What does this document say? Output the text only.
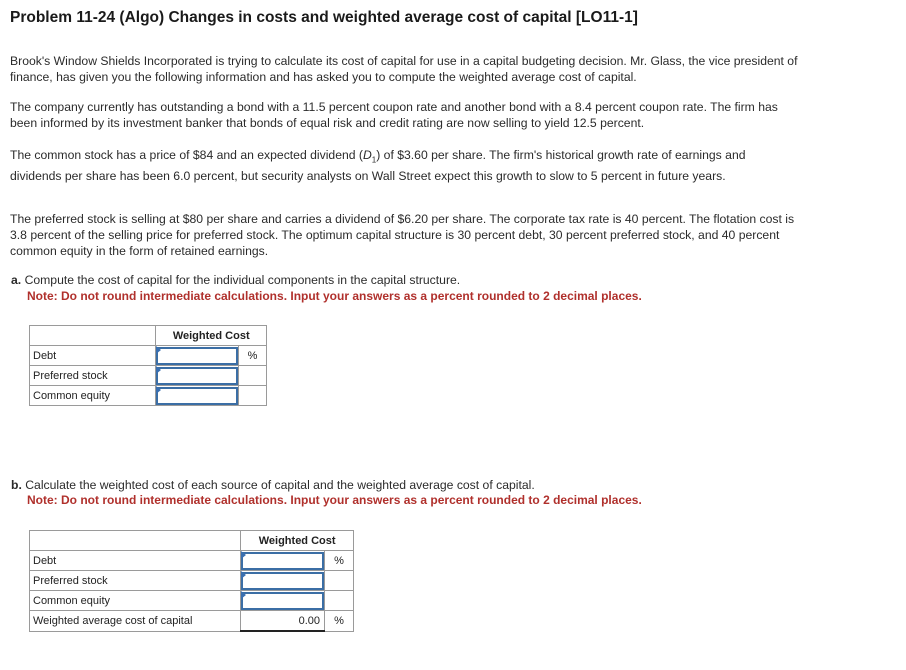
Problem 11-24 (Algo) Changes in costs and weighted average cost of capital [LO11-1]
Brook's Window Shields Incorporated is trying to calculate its cost of capital for use in a capital budgeting decision. Mr. Glass, the vice president of finance, has given you the following information and has asked you to compute the weighted average cost of capital.
The company currently has outstanding a bond with a 11.5 percent coupon rate and another bond with a 8.4 percent coupon rate. The firm has been informed by its investment banker that bonds of equal risk and credit rating are now selling to yield 12.5 percent.
The common stock has a price of $84 and an expected dividend $(D_1)$ of $3.60 per share. The firm's historical growth rate of earnings and dividends per share has been 6.0 percent, but security analysts on Wall Street expect this growth to slow to 5 percent in future years.
The preferred stock is selling at $80 per share and carries a dividend of $6.20 per share. The corporate tax rate is 40 percent. The flotation cost is 3.8 percent of the selling price for preferred stock. The optimum capital structure is 30 percent debt, 30 percent preferred stock, and 40 percent common equity in the form of retained earnings.
a. Compute the cost of capital for the individual components in the capital structure.
Note: Do not round intermediate calculations. Input your answers as a percent rounded to 2 decimal places.
	Weighted Cost	
Debt		%
Preferred stock	

Common equity	

b. Calculate the weighted cost of each source of capital and the weighted average cost of capital.
Note: Do not round intermediate calculations. Input your answers as a percent rounded to 2 decimal places.
	Weighted Cost	
Debt		%
Preferred stock	

Common equity	

Weighted average cost of capital	0.00	%
